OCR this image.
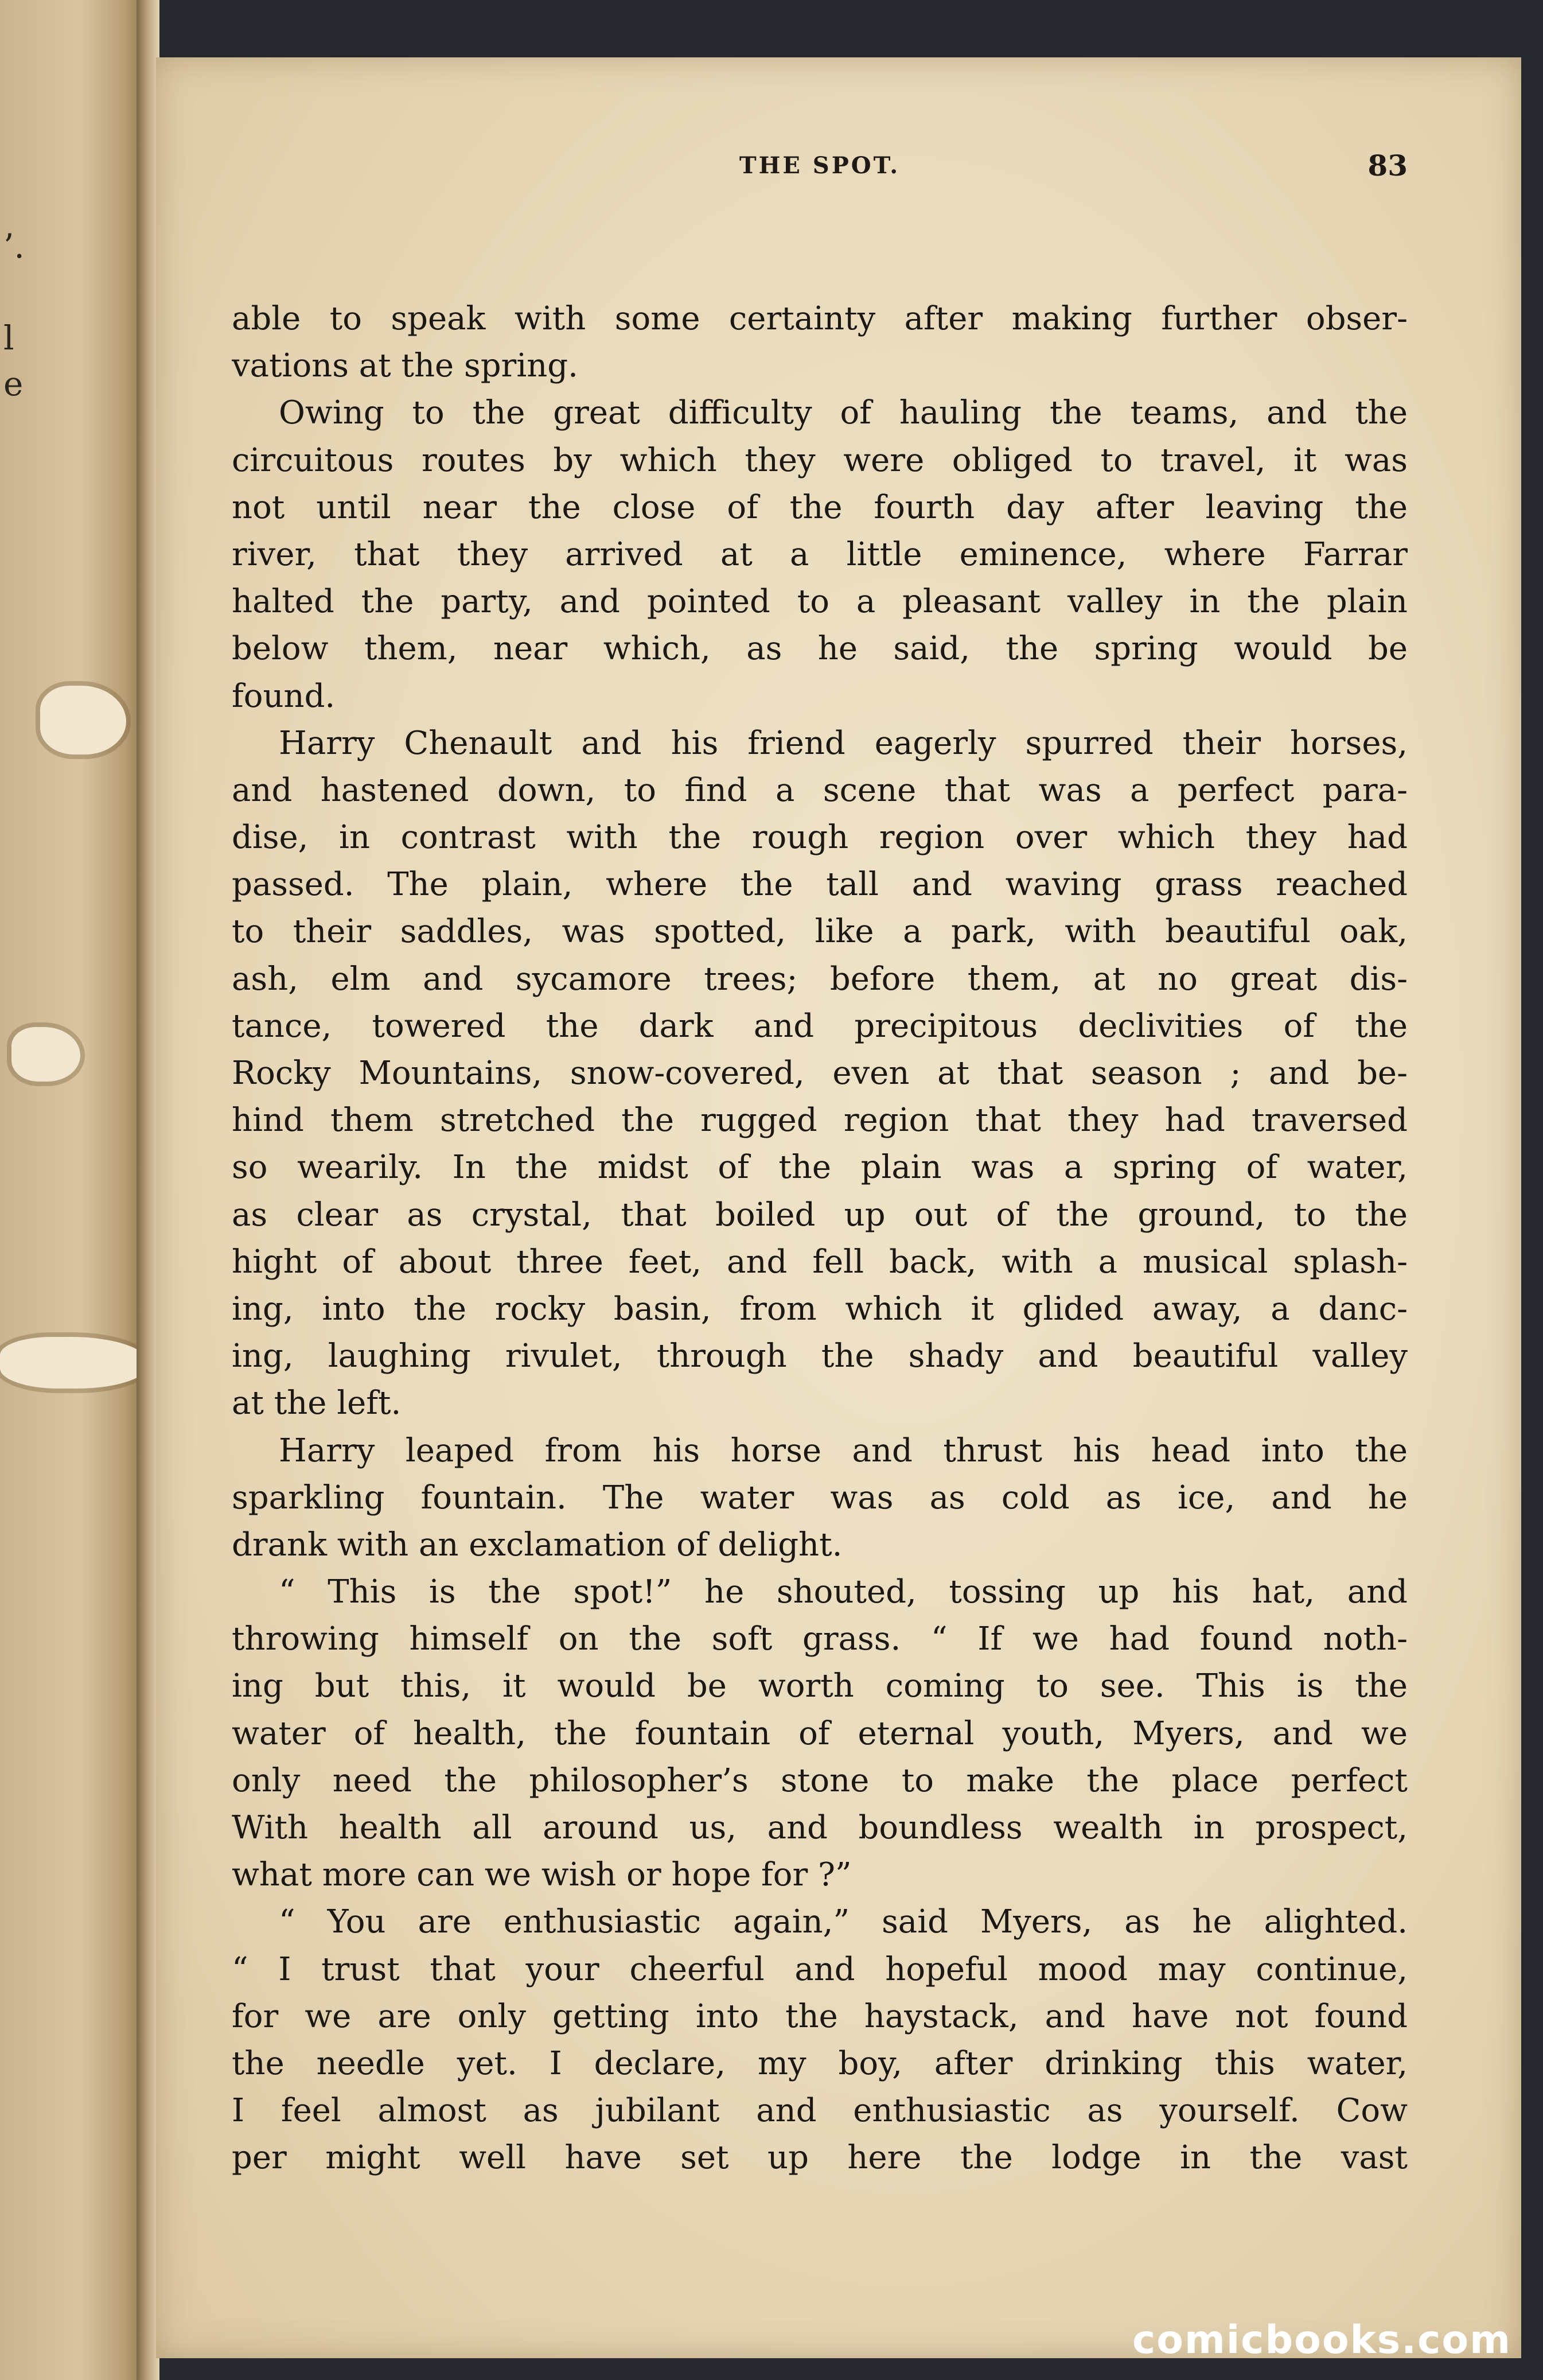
’.
l
e
THE SPOT.	83
able to speak with some certainty after making further obser-
vations at the spring.
Owing to the great difficulty of hauling the teams, and the
circuitous routes by which they were obliged to travel, it was
not until near the close of the fourth day after leaving the
river, that they arrived at a little eminence, where Farrar
halted the party, and pointed to a pleasant valley in the plain
below them, near which, as he said, the spring would be
found.
Harry Chenault and his friend eagerly spurred their horses,
and hastened down, to find a scene that was a perfect para-
dise, in contrast with the rough region over which they had
passed. The plain, where the tall and waving grass reached
to their saddles, was spotted, like a park, with beautiful oak,
ash, elm and sycamore trees; before them, at no great dis-
tance, towered the dark and precipitous declivities of the
Rocky Mountains, snow-covered, even at that season ; and be-
hind them stretched the rugged region that they had traversed
so wearily. In the midst of the plain was a spring of water,
as clear as crystal, that boiled up out of the ground, to the
hight of about three feet, and fell back, with a musical splash-
ing, into the rocky basin, from which it glided away, a danc-
ing, laughing rivulet, through the shady and beautiful valley
at the left.
Harry leaped from his horse and thrust his head into the
sparkling fountain. The water was as cold as ice, and he
drank with an exclamation of delight.
“ This is the spot!” he shouted, tossing up his hat, and
throwing himself on the soft grass. “ If we had found noth-
ing but this, it would be worth coming to see. This is the
water of health, the fountain of eternal youth, Myers, and we
only need the philosopher’s stone to make the place perfect
With health all around us, and boundless wealth in prospect,
what more can we wish or hope for ?”
“ You are enthusiastic again,” said Myers, as he alighted.
“ I trust that your cheerful and hopeful mood may continue,
for we are only getting into the haystack, and have not found
the needle yet. I declare, my boy, after drinking this water,
I feel almost as jubilant and enthusiastic as yourself. Cow
per might well have set up here the lodge in the vast
comicbooks.com
